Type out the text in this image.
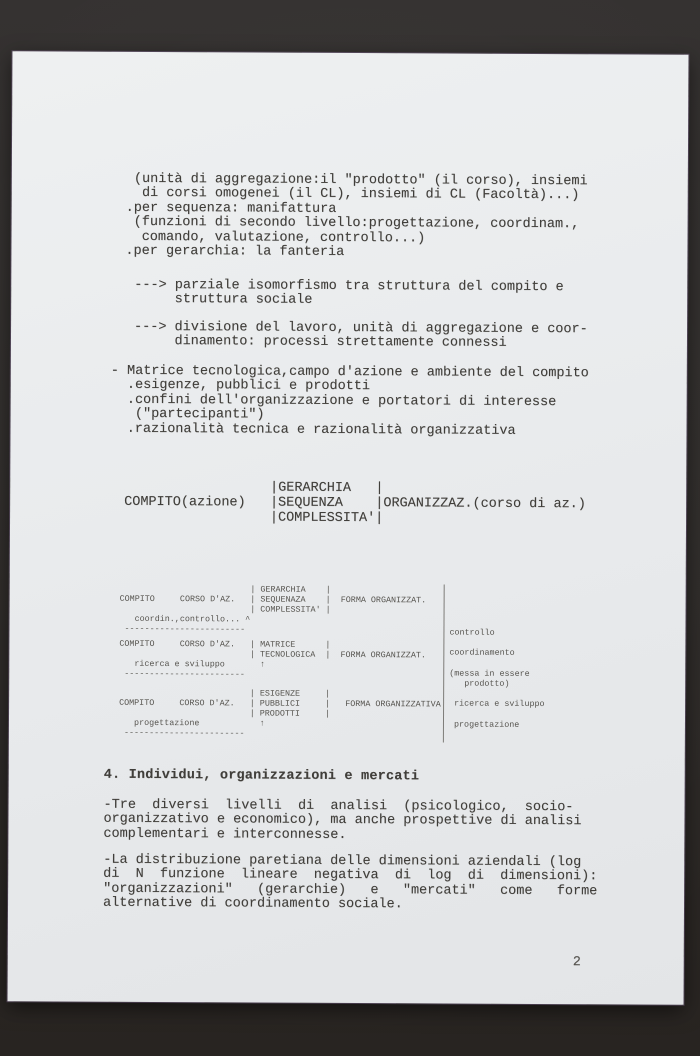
(unità di aggregazione:il "prodotto" (il corso), insiemi
di corsi omogenei (il CL), insiemi di CL (Facoltà)...)
.per sequenza: manifattura
(funzioni di secondo livello:progettazione, coordinam.,
comando, valutazione, controllo...)
.per gerarchia: la fanteria
---> parziale isomorfismo tra struttura del compito e
struttura sociale
---> divisione del lavoro, unità di aggregazione e coor-
dinamento: processi strettamente connessi
- Matrice tecnologica,campo d'azione e ambiente del compito
.esigenze, pubblici e prodotti
.confini dell'organizzazione e portatori di interesse
("partecipanti")
.razionalità tecnica e razionalità organizzativa
|GERARCHIA   |
COMPITO(azione)   |SEQUENZA    |ORGANIZZAZ.(corso di az.)
|COMPLESSITA'|
| GERARCHIA    |
COMPITO     CORSO D'AZ.   | SEQUENAZA    |  FORMA ORGANIZZAT.
| COMPLESSITA' |
coordin.,controllo... ^
------------------------
COMPITO     CORSO D'AZ.   | MATRICE      |
| TECNOLOGICA  |  FORMA ORGANIZZAT.
ricerca e sviluppo       ↑
------------------------
| ESIGENZE     |
COMPITO     CORSO D'AZ.   | PUBBLICI     |   FORMA ORGANIZZATIVA
| PRODOTTI     |
progettazione            ↑
------------------------
controllo

coordinamento

(messa in essere
prodotto)

ricerca e sviluppo

progettazione
4. Individui, organizzazioni e mercati
-Tre  diversi  livelli  di  analisi  (psicologico,  socio-
organizzativo e economico), ma anche prospettive di analisi
complementari e interconnesse.
-La distribuzione paretiana delle dimensioni aziendali (log
di  N  funzione  lineare  negativa  di  log  di  dimensioni):
"organizzazioni"   (gerarchie)   e   "mercati"   come   forme
alternative di coordinamento sociale.
2
